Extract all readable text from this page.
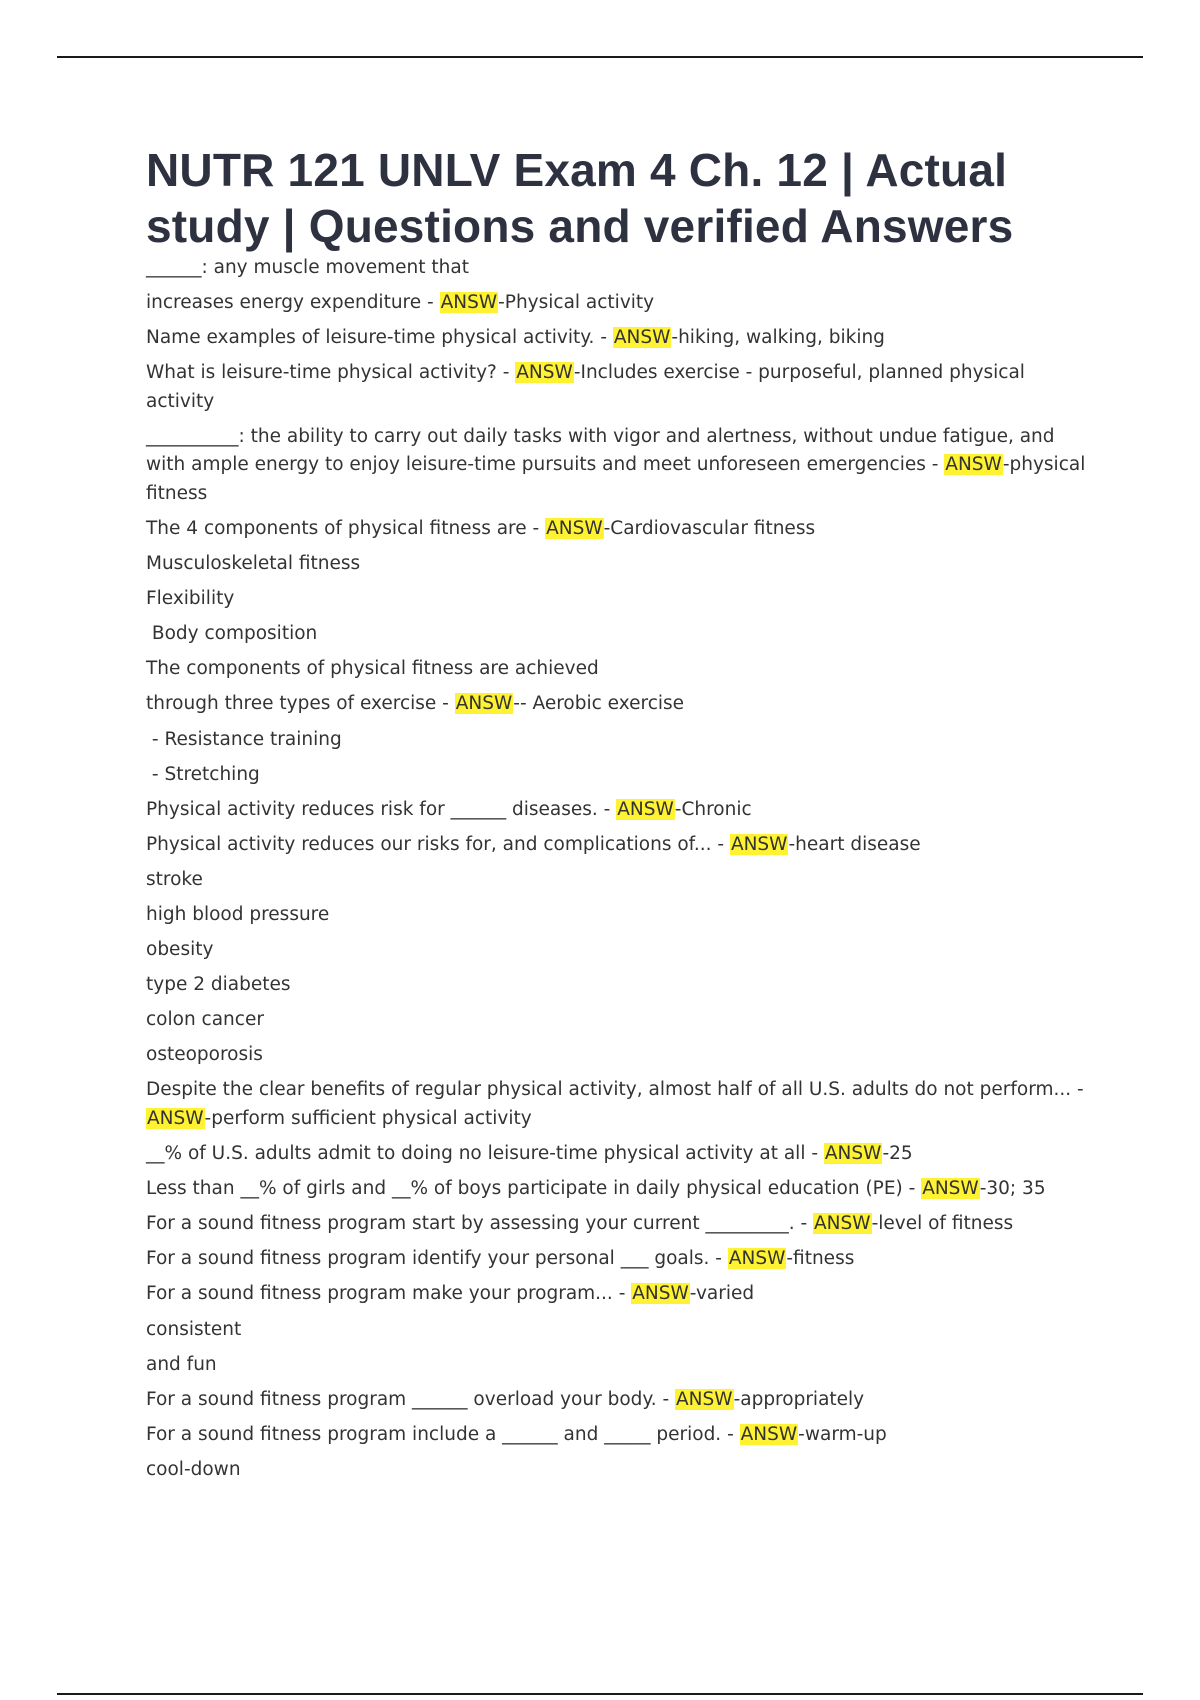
NUTR 121 UNLV Exam 4 Ch. 12 | Actual study | Questions and verified Answers
______: any muscle movement that
increases energy expenditure - ANSW-Physical activity
Name examples of leisure-time physical activity. - ANSW-hiking, walking, biking
What is leisure-time physical activity? - ANSW-Includes exercise - purposeful, planned physical activity
__________: the ability to carry out daily tasks with vigor and alertness, without undue fatigue, and with ample energy to enjoy leisure-time pursuits and meet unforeseen emergencies - ANSW-physical fitness
The 4 components of physical fitness are - ANSW-Cardiovascular fitness
Musculoskeletal fitness
Flexibility
Body composition
The components of physical fitness are achieved
through three types of exercise - ANSW-- Aerobic exercise
- Resistance training
- Stretching
Physical activity reduces risk for ______ diseases. - ANSW-Chronic
Physical activity reduces our risks for, and complications of... - ANSW-heart disease
stroke
high blood pressure
obesity
type 2 diabetes
colon cancer
osteoporosis
Despite the clear benefits of regular physical activity, almost half of all U.S. adults do not perform... - ANSW-perform sufficient physical activity
__% of U.S. adults admit to doing no leisure-time physical activity at all - ANSW-25
Less than __% of girls and __% of boys participate in daily physical education (PE) - ANSW-30; 35
For a sound fitness program start by assessing your current _________. - ANSW-level of fitness
For a sound fitness program identify your personal ___ goals. - ANSW-fitness
For a sound fitness program make your program... - ANSW-varied
consistent
and fun
For a sound fitness program ______ overload your body. - ANSW-appropriately
For a sound fitness program include a ______ and _____ period. - ANSW-warm-up
cool-down
